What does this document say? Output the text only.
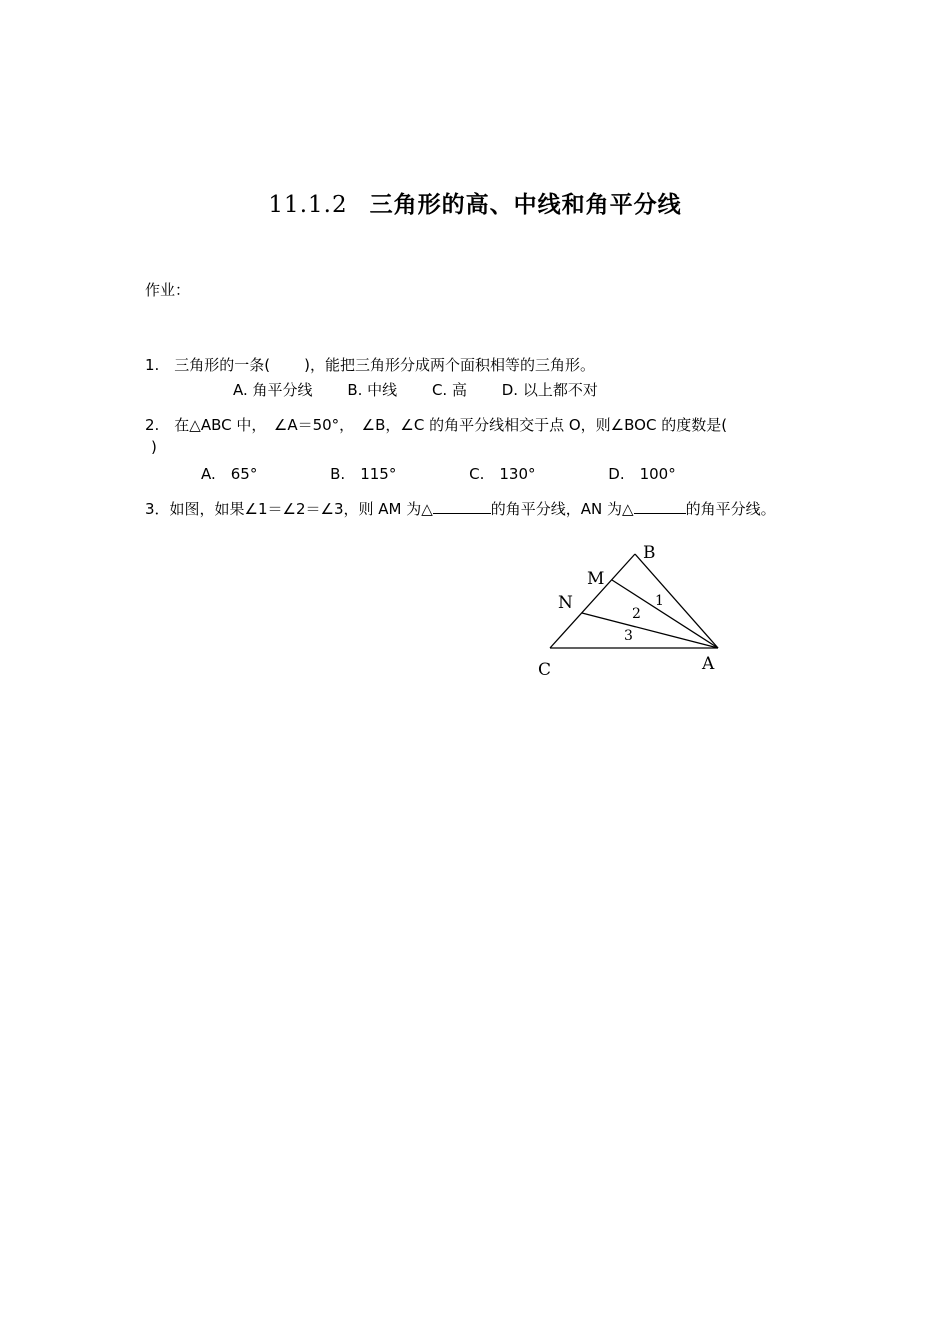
11.1.2 三角形的高、中线和角平分线
作业：
1.　三角形的一条( )，能把三角形分成两个面积相等的三角形。
A. 角平分线 B. 中线 C. 高 D. 以上都不对
2.　在△ABC 中，　∠A＝50°，　∠B，∠C 的角平分线相交于点 O，则∠BOC 的度数是(
)
A.　65°	B.　115°	C.　130°	D.　100°
3．如图，如果∠1＝∠2＝∠3，则 AM 为△	的角平分线，AN 为△	的角平分线。
B
M
N
C	A
1
2
3
